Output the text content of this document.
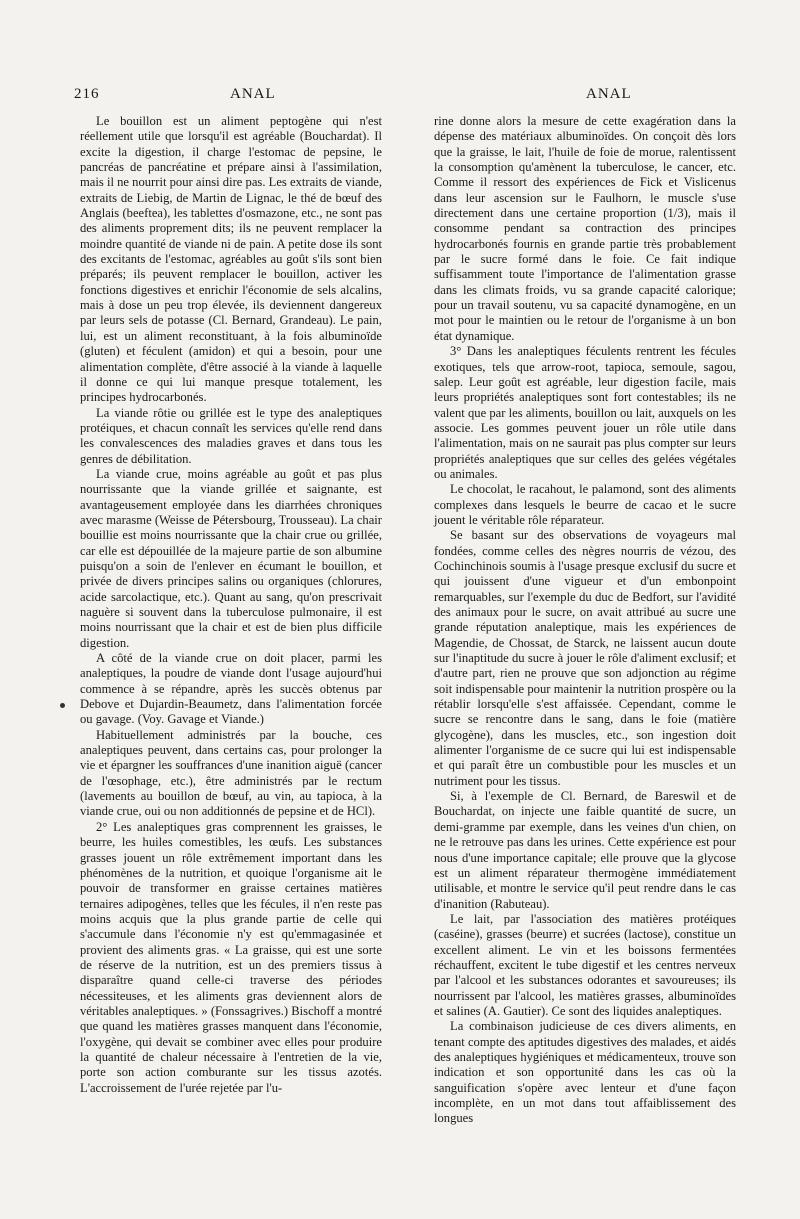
216	ANAL	ANAL

Le bouillon est un aliment peptogène qui n'est réellement utile que lorsqu'il est agréable (Bouchardat). Il excite la digestion, il charge l'estomac de pepsine, le pancréas de pancréatine et prépare ainsi à l'assimilation, mais il ne nourrit pour ainsi dire pas. Les extraits de viande, extraits de Liebig, de Martin de Lignac, le thé de bœuf des Anglais (beeftea), les tablettes d'osmazone, etc., ne sont pas des aliments proprement dits; ils ne peuvent remplacer la moindre quantité de viande ni de pain. A petite dose ils sont des excitants de l'estomac, agréables au goût s'ils sont bien préparés; ils peuvent remplacer le bouillon, activer les fonctions digestives et enrichir l'économie de sels alcalins, mais à dose un peu trop élevée, ils deviennent dangereux par leurs sels de potasse (Cl. Bernard, Grandeau). Le pain, lui, est un aliment reconstituant, à la fois albuminoïde (gluten) et féculent (amidon) et qui a besoin, pour une alimentation complète, d'être associé à la viande à laquelle il donne ce qui lui manque presque totalement, les principes hydrocarbonés.

La viande rôtie ou grillée est le type des analeptiques protéiques, et chacun connaît les services qu'elle rend dans les convalescences des maladies graves et dans tous les genres de débilitation.

La viande crue, moins agréable au goût et pas plus nourrissante que la viande grillée et saignante, est avantageusement employée dans les diarrhées chroniques avec marasme (Weisse de Pétersbourg, Trousseau). La chair bouillie est moins nourrissante que la chair crue ou grillée, car elle est dépouillée de la majeure partie de son albumine puisqu'on a soin de l'enlever en écumant le bouillon, et privée de divers principes salins ou organiques (chlorures, acide sarcolactique, etc.). Quant au sang, qu'on prescrivait naguère si souvent dans la tuberculose pulmonaire, il est moins nourrissant que la chair et est de bien plus difficile digestion.

A côté de la viande crue on doit placer, parmi les analeptiques, la poudre de viande dont l'usage aujourd'hui commence à se répandre, après les succès obtenus par Debove et Dujardin-Beaumetz, dans l'alimentation forcée ou gavage. (Voy. Gavage et Viande.)

Habituellement administrés par la bouche, ces analeptiques peuvent, dans certains cas, pour prolonger la vie et épargner les souffrances d'une inanition aiguë (cancer de l'œsophage, etc.), être administrés par le rectum (lavements au bouillon de bœuf, au vin, au tapioca, à la viande crue, oui ou non additionnés de pepsine et de HCl).

2° Les analeptiques gras comprennent les graisses, le beurre, les huiles comestibles, les œufs. Les substances grasses jouent un rôle extrêmement important dans les phénomènes de la nutrition, et quoique l'organisme ait le pouvoir de transformer en graisse certaines matières ternaires adipogènes, telles que les fécules, il n'en reste pas moins acquis que la plus grande partie de celle qui s'accumule dans l'économie n'y est qu'emmagasinée et provient des aliments gras. « La graisse, qui est une sorte de réserve de la nutrition, est un des premiers tissus à disparaître quand celle-ci traverse des périodes nécessiteuses, et les aliments gras deviennent alors de véritables analeptiques. » (Fonssagrives.) Bischoff a montré que quand les matières grasses manquent dans l'économie, l'oxygène, qui devait se combiner avec elles pour produire la quantité de chaleur nécessaire à l'entretien de la vie, porte son action comburante sur les tissus azotés. L'accroissement de l'urée rejetée par l'u-

rine donne alors la mesure de cette exagération dans la dépense des matériaux albuminoïdes. On conçoit dès lors que la graisse, le lait, l'huile de foie de morue, ralentissent la consomption qu'amènent la tuberculose, le cancer, etc. Comme il ressort des expériences de Fick et Vislicenus dans leur ascension sur le Faulhorn, le muscle s'use directement dans une certaine proportion (1/3), mais il consomme pendant sa contraction des principes hydrocarbonés fournis en grande partie très probablement par le sucre formé dans le foie. Ce fait indique suffisamment toute l'importance de l'alimentation grasse dans les climats froids, vu sa grande capacité calorique; pour un travail soutenu, vu sa capacité dynamogène, en un mot pour le maintien ou le retour de l'organisme à un bon état dynamique.

3° Dans les analeptiques féculents rentrent les fécules exotiques, tels que arrow-root, tapioca, semoule, sagou, salep. Leur goût est agréable, leur digestion facile, mais leurs propriétés analeptiques sont fort contestables; ils ne valent que par les aliments, bouillon ou lait, auxquels on les associe. Les gommes peuvent jouer un rôle utile dans l'alimentation, mais on ne saurait pas plus compter sur leurs propriétés analeptiques que sur celles des gelées végétales ou animales.

Le chocolat, le racahout, le palamond, sont des aliments complexes dans lesquels le beurre de cacao et le sucre jouent le véritable rôle réparateur.

Se basant sur des observations de voyageurs mal fondées, comme celles des nègres nourris de vézou, des Cochinchinois soumis à l'usage presque exclusif du sucre et qui jouissent d'une vigueur et d'un embonpoint remarquables, sur l'exemple du duc de Bedfort, sur l'avidité des animaux pour le sucre, on avait attribué au sucre une grande réputation analeptique, mais les expériences de Magendie, de Chossat, de Starck, ne laissent aucun doute sur l'inaptitude du sucre à jouer le rôle d'aliment exclusif; et d'autre part, rien ne prouve que son adjonction au régime soit indispensable pour maintenir la nutrition prospère ou la rétablir lorsqu'elle s'est affaissée. Cependant, comme le sucre se rencontre dans le sang, dans le foie (matière glycogène), dans les muscles, etc., son ingestion doit alimenter l'organisme de ce sucre qui lui est indispensable et qui paraît être un combustible pour les muscles et un nutriment pour les tissus.

Si, à l'exemple de Cl. Bernard, de Bareswil et de Bouchardat, on injecte une faible quantité de sucre, un demi-gramme par exemple, dans les veines d'un chien, on ne le retrouve pas dans les urines. Cette expérience est pour nous d'une importance capitale; elle prouve que la glycose est un aliment réparateur thermogène immédiatement utilisable, et montre le service qu'il peut rendre dans le cas d'inanition (Rabuteau).

Le lait, par l'association des matières protéiques (caséine), grasses (beurre) et sucrées (lactose), constitue un excellent aliment. Le vin et les boissons fermentées réchauffent, excitent le tube digestif et les centres nerveux par l'alcool et les substances odorantes et savoureuses; ils nourrissent par l'alcool, les matières grasses, albuminoïdes et salines (A. Gautier). Ce sont des liquides analeptiques.

La combinaison judicieuse de ces divers aliments, en tenant compte des aptitudes digestives des malades, et aidés des analeptiques hygiéniques et médicamenteux, trouve son indication et son opportunité dans les cas où la sanguification s'opère avec lenteur et d'une façon incomplète, en un mot dans tout affaiblissement des longues
